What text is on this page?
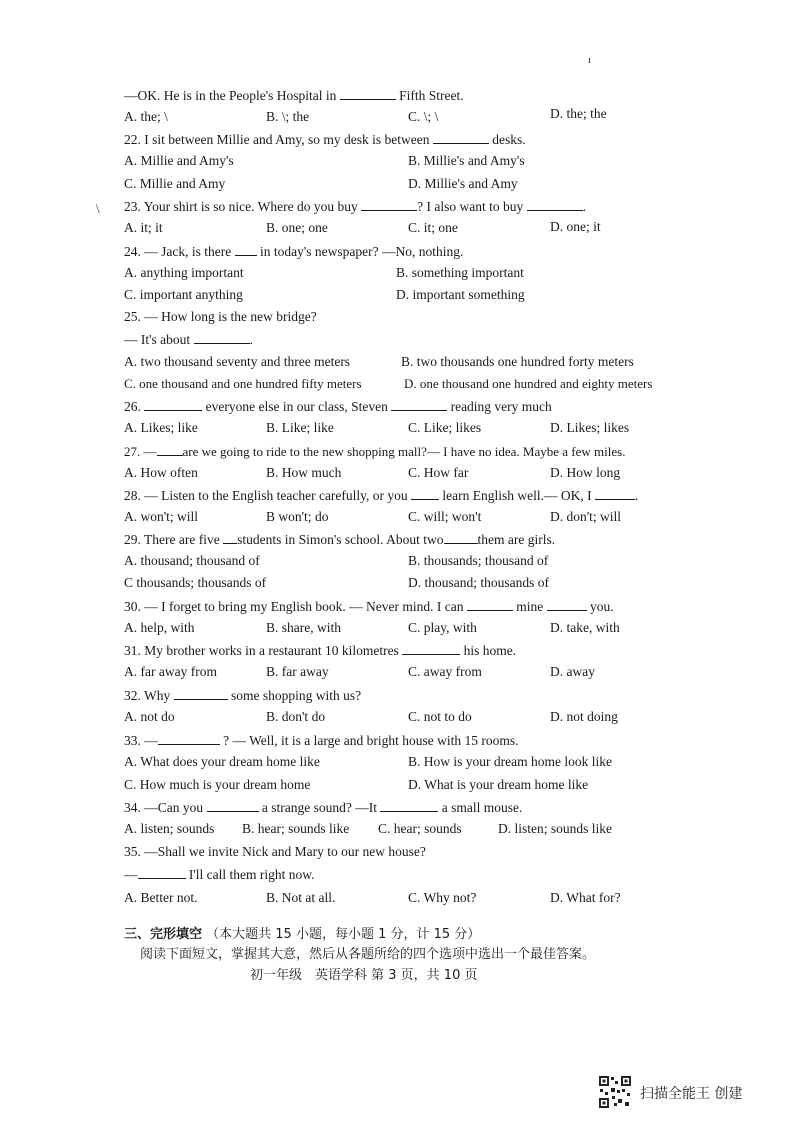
ı
\
—OK. He is in the People's Hospital in	Fifth Street.
A. the; \	B. \; the	C. \; \	D. the; the
22. I sit between Millie and Amy, so my desk is between	desks.
A. Millie and Amy's	B. Millie's and Amy's
C. Millie and Amy	D. Millie's and Amy
23. Your shirt is so nice. Where do you buy	? I also want to buy	.
A. it; it	B. one; one	C. it; one	D. one; it
24. — Jack, is there in today's newspaper? —No, nothing.
A. anything important	B. something important
C. important anything	D. important something
25. — How long is the new bridge?
— It's about	.
A. two thousand seventy and three meters	B. two thousands one hundred forty meters
C. one thousand and one hundred fifty meters	D. one thousand one hundred and eighty meters
26.	everyone else in our class, Steven	reading very much
A. Likes; like	B. Like; like	C. Like; likes	D. Likes; likes
27. — are we going to ride to the new shopping mall?— I have no idea. Maybe a few miles.
A. How often	B. How much	C. How far	D. How long
28. — Listen to the English teacher carefully, or you	learn English well.— OK, I	.
A. won't; will	B won't; do	C. will; won't	D. don't; will
29. There are five students in Simon's school. About two	them are girls.
A. thousand; thousand of	B. thousands; thousand of
C thousands; thousands of	D. thousand; thousands of
30. — I forget to bring my English book. — Never mind. I can	mine	you.
A. help, with	B. share, with	C. play, with	D. take, with
31. My brother works in a restaurant 10 kilometres	his home.
A. far away from	B. far away	C. away from	D. away
32. Why	some shopping with us?
A. not do	B. don't do	C. not to do	D. not doing
33. —	? — Well, it is a large and bright house with 15 rooms.
A. What does your dream home like	B. How is your dream home look like
C. How much is your dream home	D. What is your dream home like
34. —Can you	a strange sound? —It	a small mouse.
A. listen; sounds B. hear; sounds like C. hear; sounds	D. listen; sounds like
35. —Shall we invite Nick and Mary to our new house?
—	I'll call them right now.
A. Better not.	B. Not at all.	C. Why not?	D. What for?
三、完形填空 （本大题共 15 小题，每小题 1 分，计 15 分）
阅读下面短文，掌握其大意，然后从各题所给的四个选项中选出一个最佳答案。
初一年级　英语学科 第 3 页，共 10 页
扫描全能王 创建
